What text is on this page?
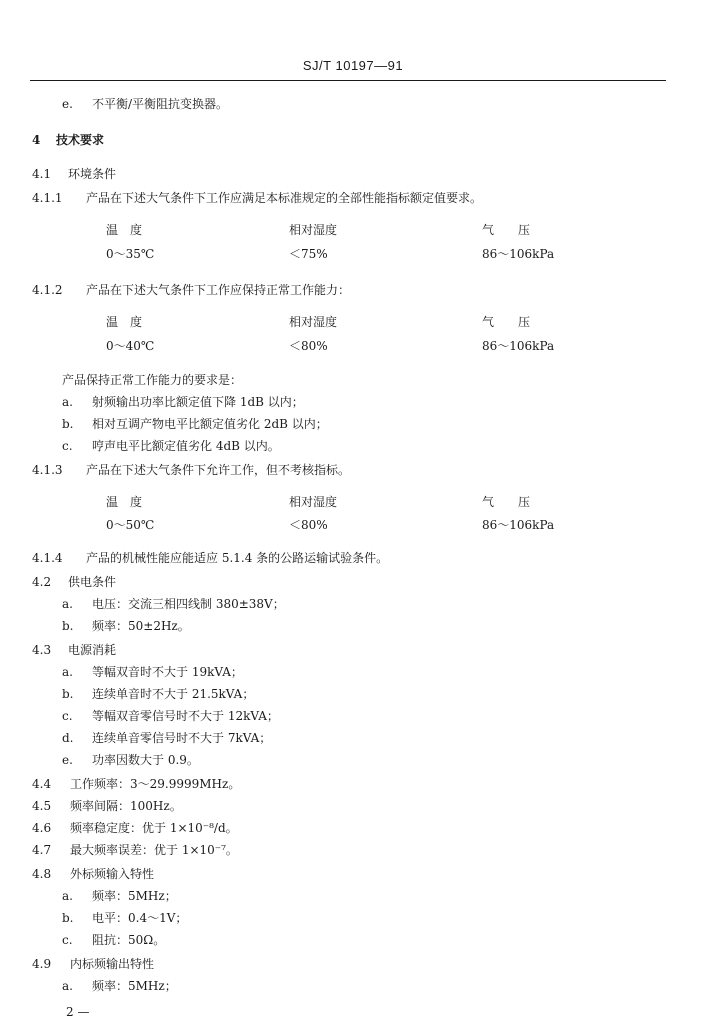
SJ/T 10197—91
e. 不平衡/平衡阻抗变换器。
4 技术要求
4.1 环境条件
4.1.1 产品在下述大气条件下工作应满足本标准规定的全部性能指标额定值要求。
温　度	相对湿度	气　　压
0～35℃	＜75%	86～106kPa
4.1.2 产品在下述大气条件下工作应保持正常工作能力：
温　度	相对湿度	气　　压
0～40℃	＜80%	86～106kPa
产品保持正常工作能力的要求是：
a. 射频输出功率比额定值下降 1dB 以内；
b. 相对互调产物电平比额定值劣化 2dB 以内；
c. 哼声电平比额定值劣化 4dB 以内。
4.1.3 产品在下述大气条件下允许工作，但不考核指标。
温　度	相对湿度	气　　压
0～50℃	＜80%	86～106kPa
4.1.4 产品的机械性能应能适应 5.1.4 条的公路运输试验条件。
4.2 供电条件
a. 电压：交流三相四线制 380±38V；
b. 频率：50±2Hz。
4.3 电源消耗
a. 等幅双音时不大于 19kVA；
b. 连续单音时不大于 21.5kVA；
c. 等幅双音零信号时不大于 12kVA；
d. 连续单音零信号时不大于 7kVA；
e. 功率因数大于 0.9。
4.4 工作频率：3～29.9999MHz。
4.5 频率间隔：100Hz。
4.6 频率稳定度：优于 1×10⁻⁸/d。
4.7 最大频率误差：优于 1×10⁻⁷。
4.8 外标频输入特性
a. 频率：5MHz；
b. 电平：0.4～1V；
c. 阻抗：50Ω。
4.9 内标频输出特性
a. 频率：5MHz；
2 —
